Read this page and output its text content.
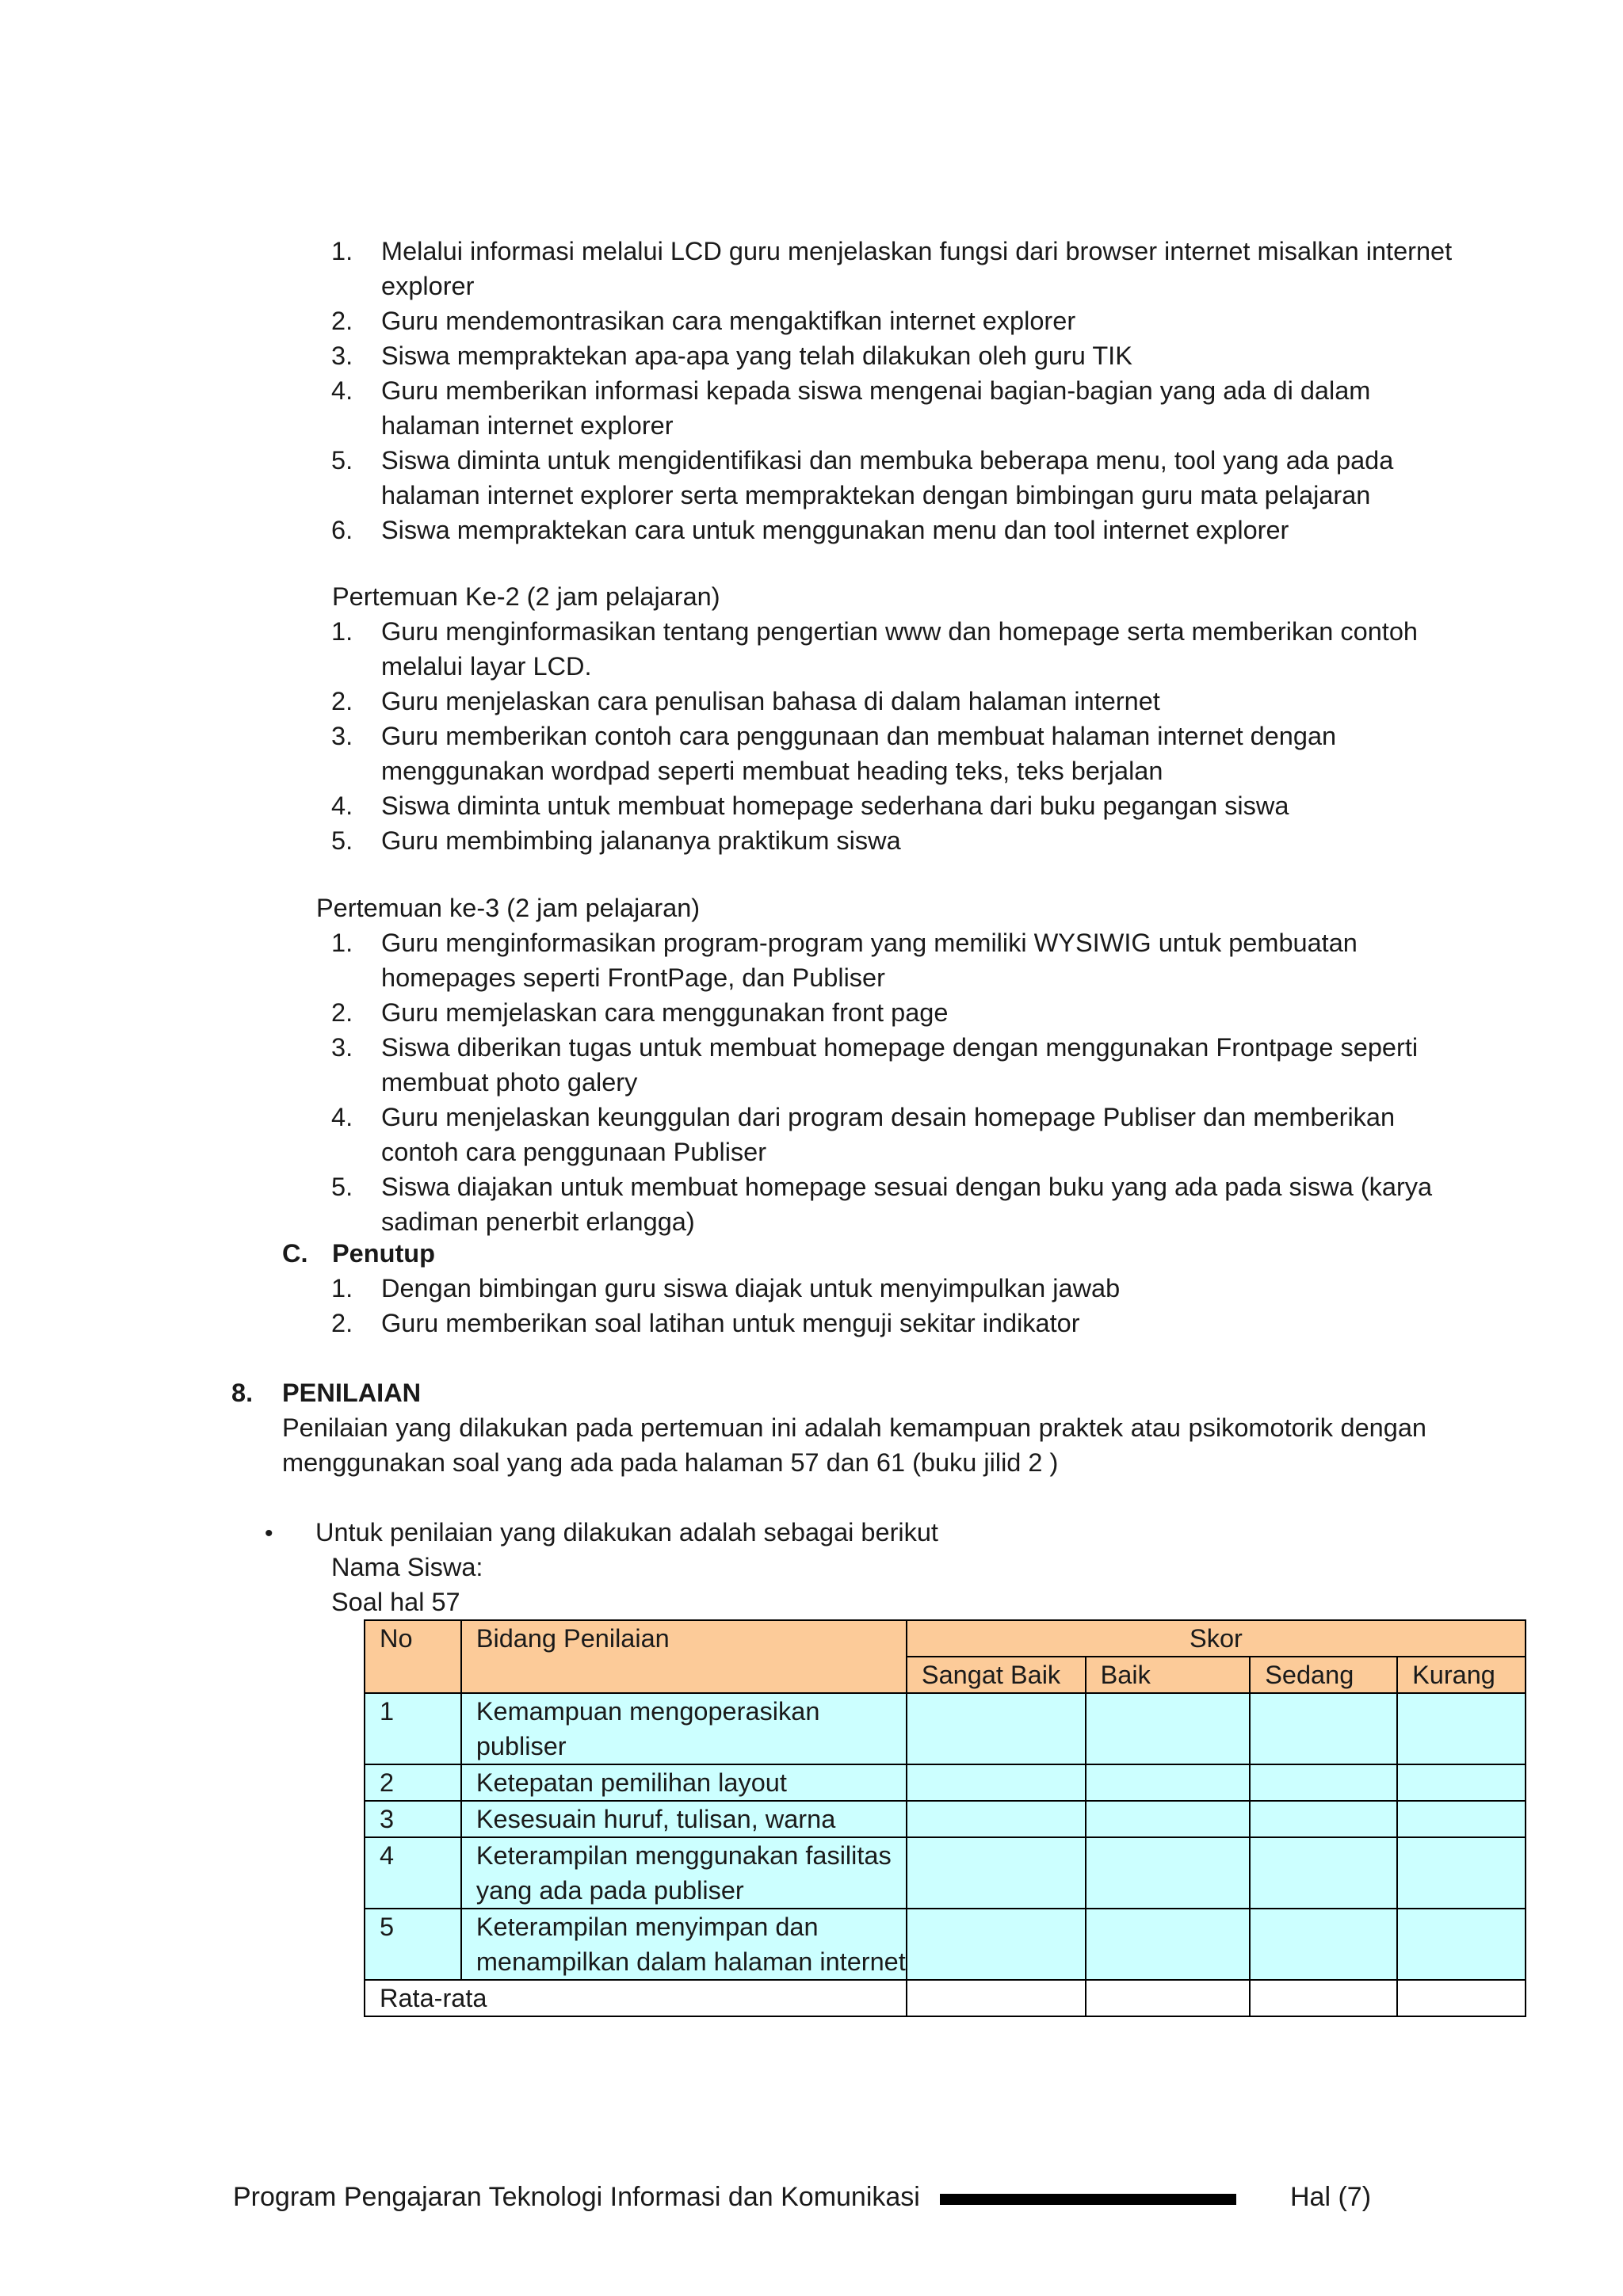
1. Melalui informasi melalui LCD guru menjelaskan fungsi dari browser internet misalkan internet explorer
2. Guru mendemontrasikan cara mengaktifkan internet explorer
3. Siswa mempraktekan apa-apa yang telah dilakukan oleh guru TIK
4. Guru memberikan informasi kepada siswa mengenai bagian-bagian yang ada di dalam halaman internet explorer
5. Siswa diminta untuk mengidentifikasi dan membuka beberapa menu, tool yang ada pada halaman internet explorer serta mempraktekan dengan bimbingan guru mata pelajaran
6. Siswa mempraktekan cara untuk menggunakan menu dan tool internet explorer
Pertemuan Ke-2 (2 jam pelajaran)
1. Guru menginformasikan tentang pengertian www dan homepage serta memberikan contoh melalui layar LCD.
2. Guru menjelaskan cara penulisan bahasa di dalam halaman internet
3. Guru memberikan contoh cara penggunaan dan membuat halaman internet dengan menggunakan wordpad seperti membuat heading teks, teks berjalan
4. Siswa diminta untuk membuat homepage sederhana dari buku pegangan siswa
5. Guru membimbing jalananya praktikum siswa
Pertemuan ke-3 (2 jam pelajaran)
1. Guru menginformasikan program-program yang memiliki WYSIWIG untuk pembuatan homepages seperti FrontPage, dan Publiser
2. Guru memjelaskan cara menggunakan front page
3. Siswa diberikan tugas untuk membuat homepage dengan menggunakan Frontpage seperti membuat photo galery
4. Guru menjelaskan keunggulan dari program desain homepage Publiser dan memberikan contoh cara penggunaan Publiser
5. Siswa diajakan untuk membuat homepage sesuai dengan buku yang ada pada siswa (karya sadiman penerbit erlangga)
C. Penutup
1. Dengan bimbingan guru siswa diajak untuk menyimpulkan jawab
2. Guru memberikan soal latihan untuk menguji sekitar indikator
8. PENILAIAN
Penilaian yang dilakukan pada pertemuan ini adalah kemampuan praktek atau psikomotorik dengan menggunakan soal yang ada pada halaman 57 dan 61 (buku jilid 2 )
• Untuk penilaian yang dilakukan adalah sebagai berikut
Nama Siswa:
Soal hal 57
No	Bidang Penilaian	Skor			
		Sangat Baik	Baik	Sedang	Kurang
1	Kemampuan mengoperasikan publiser				
2	Ketepatan pemilihan layout				
3	Kesesuain huruf, tulisan, warna				
4	Keterampilan menggunakan fasilitas yang ada pada publiser				
5	Keterampilan menyimpan dan menampilkan dalam halaman internet				
Rata-rata					
Program Pengajaran Teknologi Informasi dan Komunikasi	Hal (7)
